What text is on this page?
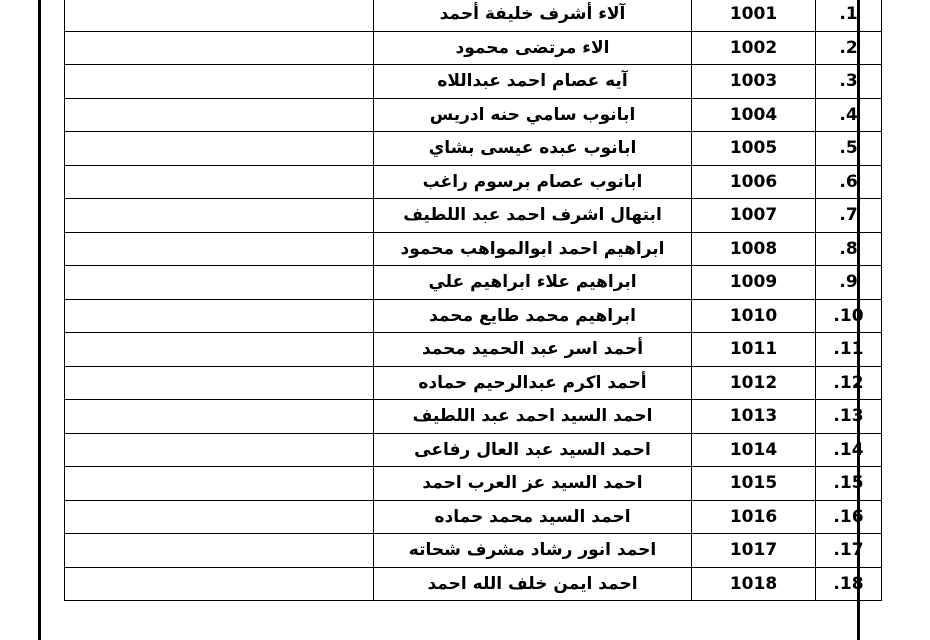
	آلاء أشرف خليفة أحمد	1001	1.
	الاء مرتضى محمود	1002	2.
	آيه عصام احمد عبداللاه	1003	3.
	ابانوب سامي حنه ادريس	1004	4.
	ابانوب عبده عيسى بشاي	1005	5.
	ابانوب عصام برسوم راغب	1006	6.
	ابتهال اشرف احمد عبد اللطيف	1007	7.
	ابراهيم احمد ابوالمواهب محمود	1008	8.
	ابراهيم علاء ابراهيم علي	1009	9.
	ابراهيم محمد طايع محمد	1010	10.
	أحمد اسر عبد الحميد محمد	1011	11.
	أحمد اكرم عبدالرحيم حماده	1012	12.
	احمد السيد احمد عبد اللطيف	1013	13.
	احمد السيد عبد العال رفاعى	1014	14.
	احمد السيد عز العرب احمد	1015	15.
	احمد السيد محمد حماده	1016	16.
	احمد انور رشاد مشرف شحاته	1017	17.
	احمد ايمن خلف الله احمد	1018	18.
